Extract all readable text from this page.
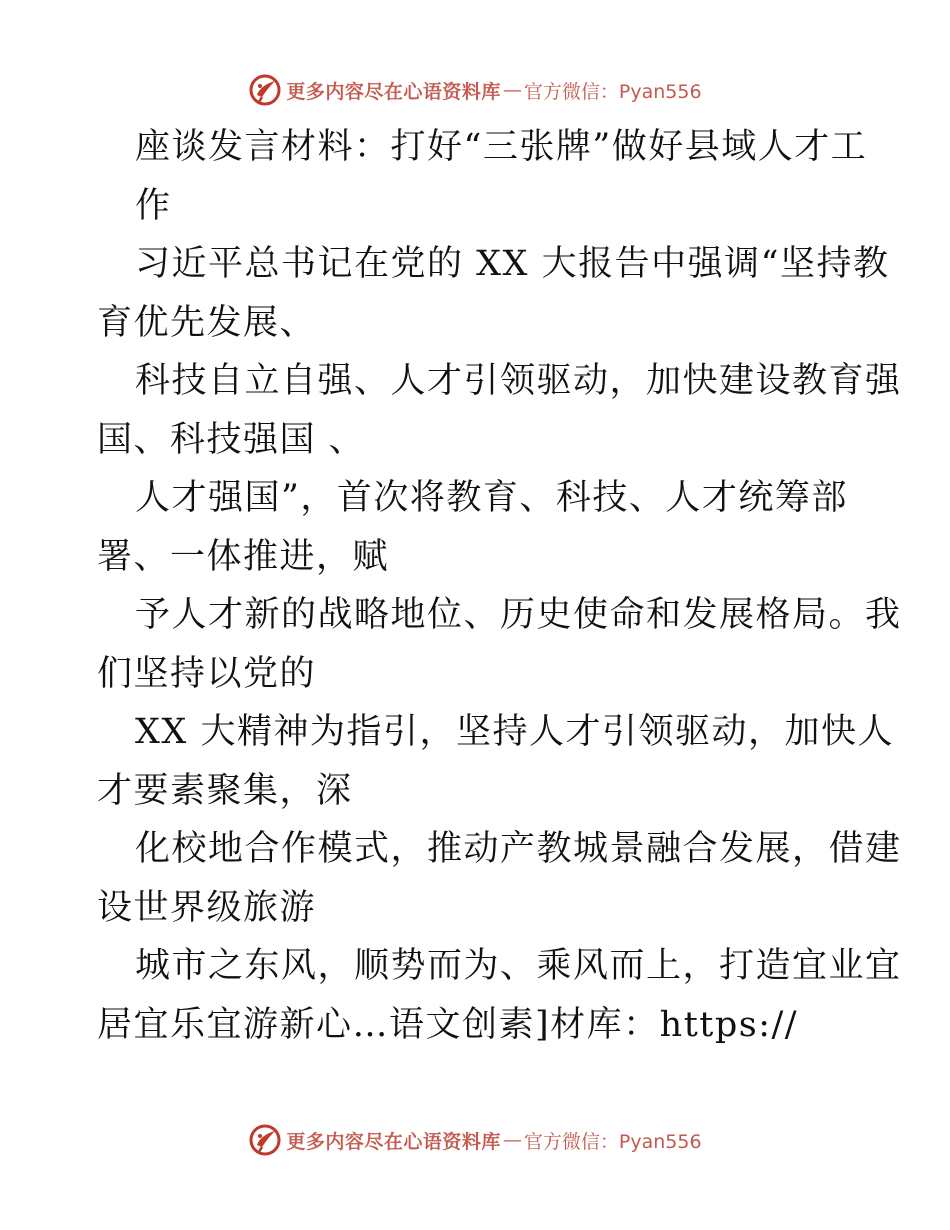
更多内容尽在心语资料库 — 官方微信：Pyan556
座谈发言材料：打好“三张牌”做好县域人才工
作
习近平总书记在党的 XX 大报告中强调“坚持教
育优先发展、
科技自立自强、人才引领驱动，加快建设教育强
国、科技强国 、
人才强国”，首次将教育、科技、人才统筹部
署、一体推进，赋
予人才新的战略地位、历史使命和发展格局。我
们坚持以党的
XX 大精神为指引，坚持人才引领驱动，加快人
才要素聚集，深
化校地合作模式，推动产教城景融合发展，借建
设世界级旅游
城市之东风，顺势而为、乘风而上，打造宜业宜
居宜乐宜游新心…语文创素]材库：https://
更多内容尽在心语资料库 — 官方微信：Pyan556
